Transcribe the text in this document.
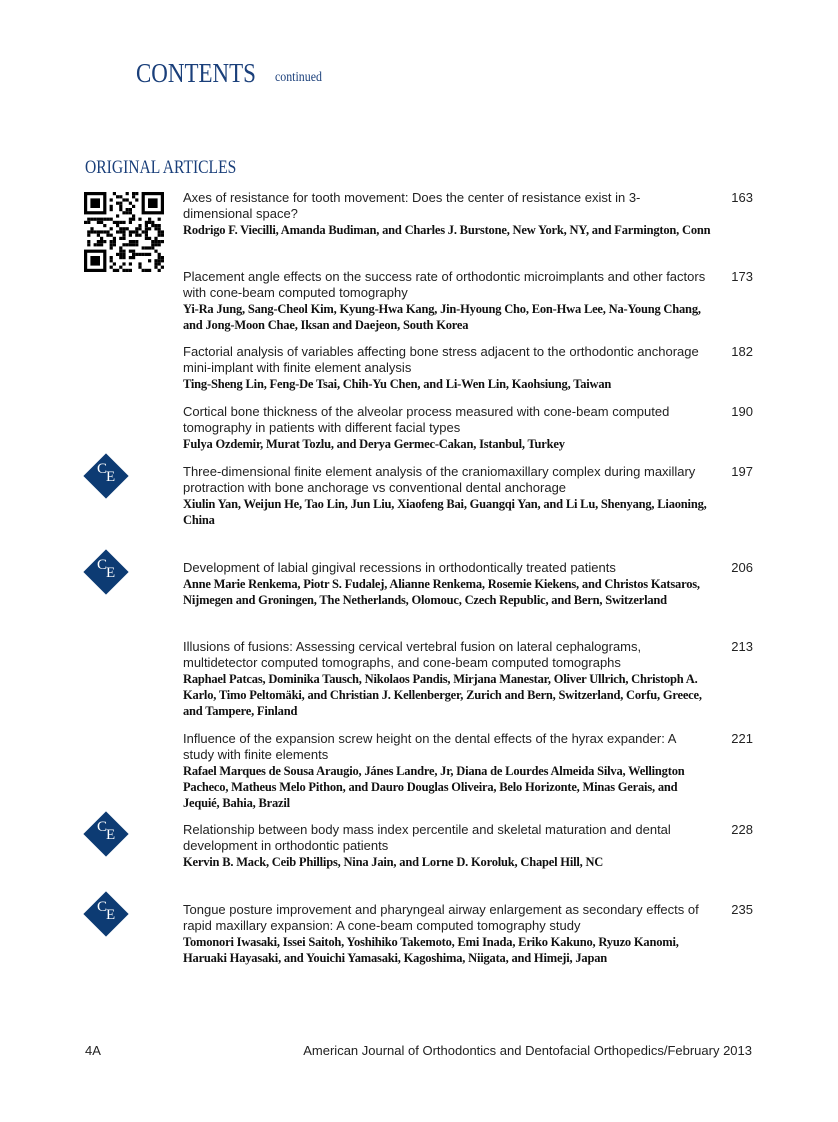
CONTENTS continued
ORIGINAL ARTICLES
Axes of resistance for tooth movement: Does the center of resistance exist in 3-dimensional space?
Rodrigo F. Viecilli, Amanda Budiman, and Charles J. Burstone, New York, NY, and Farmington, Conn
163
Placement angle effects on the success rate of orthodontic microimplants and other factors with cone-beam computed tomography
Yi-Ra Jung, Sang-Cheol Kim, Kyung-Hwa Kang, Jin-Hyoung Cho, Eon-Hwa Lee, Na-Young Chang, and Jong-Moon Chae, Iksan and Daejeon, South Korea
173
Factorial analysis of variables affecting bone stress adjacent to the orthodontic anchorage mini-implant with finite element analysis
Ting-Sheng Lin, Feng-De Tsai, Chih-Yu Chen, and Li-Wen Lin, Kaohsiung, Taiwan
182
Cortical bone thickness of the alveolar process measured with cone-beam computed tomography in patients with different facial types
Fulya Ozdemir, Murat Tozlu, and Derya Germec-Cakan, Istanbul, Turkey
190
Three-dimensional finite element analysis of the craniomaxillary complex during maxillary protraction with bone anchorage vs conventional dental anchorage
Xiulin Yan, Weijun He, Tao Lin, Jun Liu, Xiaofeng Bai, Guangqi Yan, and Li Lu, Shenyang, Liaoning, China
197
C
E
Development of labial gingival recessions in orthodontically treated patients
Anne Marie Renkema, Piotr S. Fudalej, Alianne Renkema, Rosemie Kiekens, and Christos Katsaros, Nijmegen and Groningen, The Netherlands, Olomouc, Czech Republic, and Bern, Switzerland
206
C
E
Illusions of fusions: Assessing cervical vertebral fusion on lateral cephalograms, multidetector computed tomographs, and cone-beam computed tomographs
Raphael Patcas, Dominika Tausch, Nikolaos Pandis, Mirjana Manestar, Oliver Ullrich, Christoph A. Karlo, Timo Peltomäki, and Christian J. Kellenberger, Zurich and Bern, Switzerland, Corfu, Greece, and Tampere, Finland
213
Influence of the expansion screw height on the dental effects of the hyrax expander: A study with finite elements
Rafael Marques de Sousa Araugio, Jánes Landre, Jr, Diana de Lourdes Almeida Silva, Wellington Pacheco, Matheus Melo Pithon, and Dauro Douglas Oliveira, Belo Horizonte, Minas Gerais, and Jequié, Bahia, Brazil
221
Relationship between body mass index percentile and skeletal maturation and dental development in orthodontic patients
Kervin B. Mack, Ceib Phillips, Nina Jain, and Lorne D. Koroluk, Chapel Hill, NC
228
C
E
Tongue posture improvement and pharyngeal airway enlargement as secondary effects of rapid maxillary expansion: A cone-beam computed tomography study
Tomonori Iwasaki, Issei Saitoh, Yoshihiko Takemoto, Emi Inada, Eriko Kakuno, Ryuzo Kanomi, Haruaki Hayasaki, and Youichi Yamasaki, Kagoshima, Niigata, and Himeji, Japan
235
C
E
4A	American Journal of Orthodontics and Dentofacial Orthopedics/February 2013
